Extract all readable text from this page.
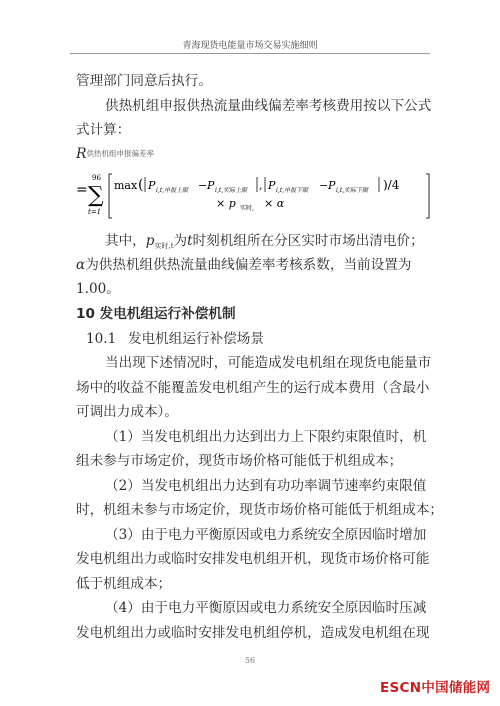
青海现货电能量市场交易实施细则
管理部门同意后执行。
供热机组申报供热流量曲线偏差率考核费用按以下公式
式计算：
$R^{供热机组申报偏差率}$
=
96
∑
t=1
max ( P i,t,申报上限 − P i,t,实际上限 , P i,t,申报下限 − P i,t,实际下限 )/4
× p 实时, × α
其中，$p_{实时,t}$为t时刻机组所在分区实时市场出清电价；
α为供热机组供热流量曲线偏差率考核系数，当前设置为
1.00。
10 发电机组运行补偿机制
10.1 发电机组运行补偿场景
当出现下述情况时，可能造成发电机组在现货电能量市
场中的收益不能覆盖发电机组产生的运行成本费用（含最小
可调出力成本）。
（1）当发电机组出力达到出力上下限约束限值时，机
组未参与市场定价，现货市场价格可能低于机组成本；
（2）当发电机组出力达到有功功率调节速率约束限值
时，机组未参与市场定价，现货市场价格可能低于机组成本；
（3）由于电力平衡原因或电力系统安全原因临时增加
发电机组出力或临时安排发电机组开机，现货市场价格可能
低于机组成本；
（4）由于电力平衡原因或电力系统安全原因临时压减
发电机组出力或临时安排发电机组停机，造成发电机组在现
56
ESCN中国储能网
